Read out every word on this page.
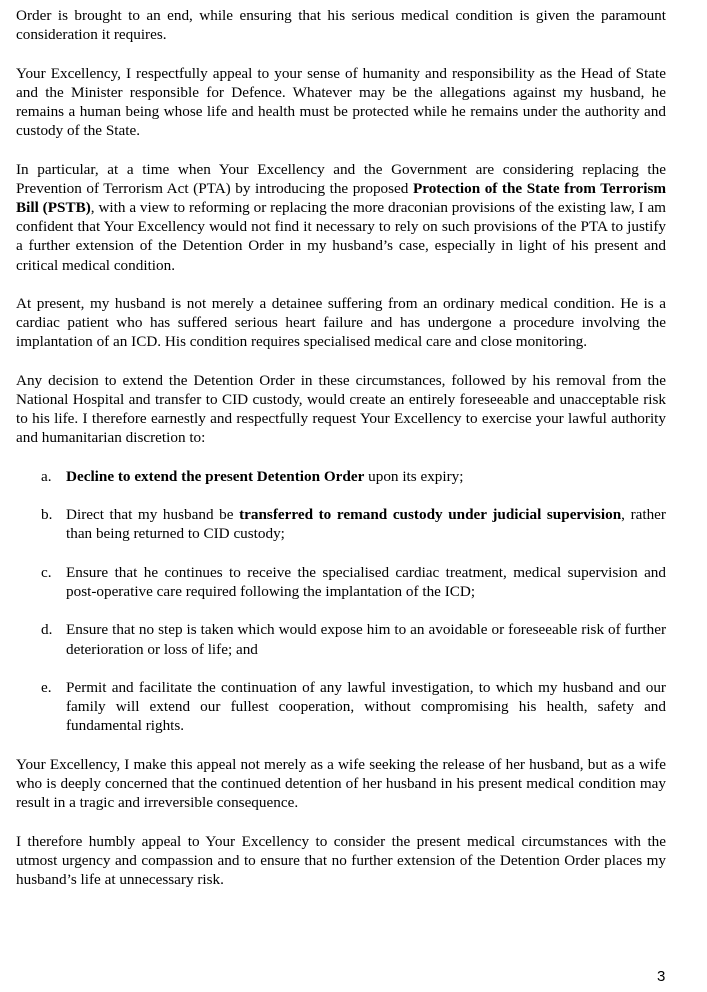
Order is brought to an end, while ensuring that his serious medical condition is given the paramount consideration it requires.

Your Excellency, I respectfully appeal to your sense of humanity and responsibility as the Head of State and the Minister responsible for Defence. Whatever may be the allegations against my husband, he remains a human being whose life and health must be protected while he remains under the authority and custody of the State.

In particular, at a time when Your Excellency and the Government are considering replacing the Prevention of Terrorism Act (PTA) by introducing the proposed Protection of the State from Terrorism Bill (PSTB), with a view to reforming or replacing the more draconian provisions of the existing law, I am confident that Your Excellency would not find it necessary to rely on such provisions of the PTA to justify a further extension of the Detention Order in my husband’s case, especially in light of his present and critical medical condition.

At present, my husband is not merely a detainee suffering from an ordinary medical condition. He is a cardiac patient who has suffered serious heart failure and has undergone a procedure involving the implantation of an ICD. His condition requires specialised medical care and close monitoring.

Any decision to extend the Detention Order in these circumstances, followed by his removal from the National Hospital and transfer to CID custody, would create an entirely foreseeable and unacceptable risk to his life. I therefore earnestly and respectfully request Your Excellency to exercise your lawful authority and humanitarian discretion to:

a. Decline to extend the present Detention Order upon its expiry;
b. Direct that my husband be transferred to remand custody under judicial supervision, rather than being returned to CID custody;
c. Ensure that he continues to receive the specialised cardiac treatment, medical supervision and post-operative care required following the implantation of the ICD;
d. Ensure that no step is taken which would expose him to an avoidable or foreseeable risk of further deterioration or loss of life; and
e. Permit and facilitate the continuation of any lawful investigation, to which my husband and our family will extend our fullest cooperation, without compromising his health, safety and fundamental rights.

Your Excellency, I make this appeal not merely as a wife seeking the release of her husband, but as a wife who is deeply concerned that the continued detention of her husband in his present medical condition may result in a tragic and irreversible consequence.

I therefore humbly appeal to Your Excellency to consider the present medical circumstances with the utmost urgency and compassion and to ensure that no further extension of the Detention Order places my husband’s life at unnecessary risk.

3
